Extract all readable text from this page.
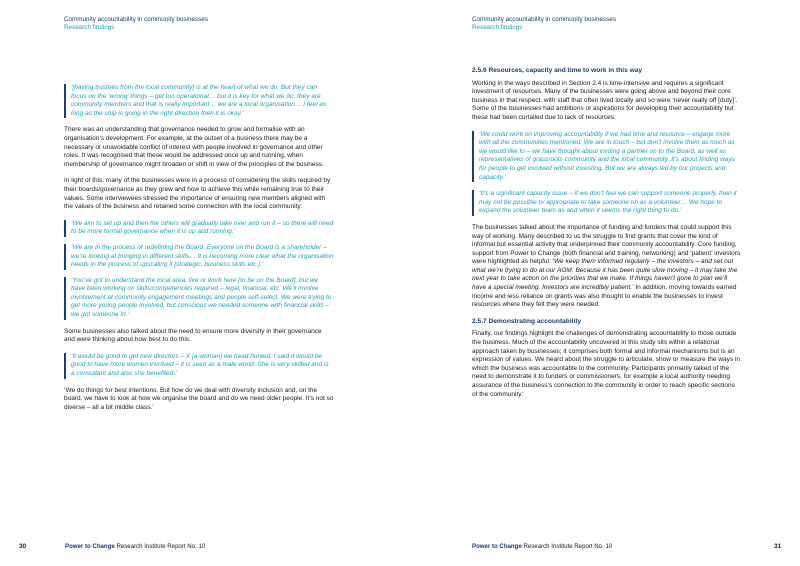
Community accountability in community businesses
Research findings
‘[having trustees from the local community] is at the heart of what we do. But they can focus on the ‘wrong’ things – get too operational… but it is key for what we do, they are community members and that is really important… we are a local organisation… I feel as long as the ship is going in the right direction then it is okay.’

There was an understanding that governance needed to grow and formalise with an organisation’s development. For example, at the outset of a business there may be a necessary or unavoidable conflict of interest with people involved in governance and other roles. It was recognised that these would be addressed once up and running, when membership of governance might broaden or shift in view of the principles of the business.

In light of this, many of the businesses were in a process of considering the skills required by their boards/governance as they grew and how to achieve this while remaining true to their values. Some interviewees stressed the importance of ensuring new members aligned with the values of the business and retained some connection with the local community:

‘We aim to set up and then the others will gradually take over and run it – so there will need to be more formal governance when it is up and running.’
‘We are in the process of redefining the Board. Everyone on the Board is a shareholder – we’re looking at bringing in different skills… It is becoming more clear what the organisation needs in the process of upscaling it [strategic, business skills etc.].’
‘You’ve got to understand the local area, live or work here [to be on the Board], but we have been working on skills/competencies required – legal, financial, etc. We’ll involve involvement at community engagement meetings and people self-select. We were trying to get more young people involved, but conscious we needed someone with financial skills – we got someone in.’

Some businesses also talked about the need to ensure more diversity in their governance and were thinking about how best to do this:

‘It would be good to get new directors – X [a woman] we head hunted. I said it would be good to have more women involved – it is seen as a male world. She is very skilled and is a consultant and also she benefited.’

‘We do things for best intentions. But how do we deal with diversity inclusion and, on the board, we have to look at how we organise the board and do we need older people. It’s not so diverse – all a bit middle class.’

30	Power to Change Research Institute Report No. 10
Community accountability in community businesses
Research findings
2.5.6 Resources, capacity and time to work in this way

Working in the ways described in Section 2.4 is time-intensive and requires a significant investment of resources. Many of the businesses were going above and beyond their core business in that respect, with staff that often lived locally and so were ‘never really off [duty]’. Some of the businesses had ambitions or aspirations for developing their accountability but these had been curtailed due to lack of resources:

‘We could work on improving accountability if we had time and resource – engage more with all the communities mentioned. We are in touch – but don’t involve them as much as we would like to – we have thought about inviting a partner on to the Board, as well as representatives of grassroots community and the local community. It’s about finding ways for people to get involved without investing. But we are always led by our projects and capacity.’
‘It’s a significant capacity issue – if we don’t feel we can support someone properly, then it may not be possible or appropriate to take someone on as a volunteer… We hope to expand the volunteer team as and when it seems the right thing to do.’

The businesses talked about the importance of funding and funders that could support this way of working. Many described to us the struggle to find grants that cover the kind of informal but essential activity that underpinned their community accountability. Core funding, support from Power to Change (both financial and training, networking) and ‘patient’ investors were highlighted as helpful: ‘We keep them informed regularly – the investors – and set out what we’re trying to do at our AGM. Because it has been quite slow moving – it may take the next year to take action on the priorities that we make. If things haven’t gone to plan we’ll have a special meeting. Investors are incredibly patient.’ In addition, moving towards earned income and less reliance on grants was also thought to enable the businesses to invest resources where they felt they were needed.

2.5.7 Demonstrating accountability

Finally, our findings highlight the challenges of demonstrating accountability to those outside the business. Much of the accountability uncovered in this study sits within a relational approach taken by businesses; it comprises both formal and informal mechanisms but is an expression of values. We heard about the struggle to articulate, show or measure the ways in which the business was accountable to the community. Participants primarily talked of the need to demonstrate it to funders or commissioners, for example a local authority needing assurance of the business’s connection to the community in order to reach specific sections of the community:

Power to Change Research Institute Report No. 10	31
